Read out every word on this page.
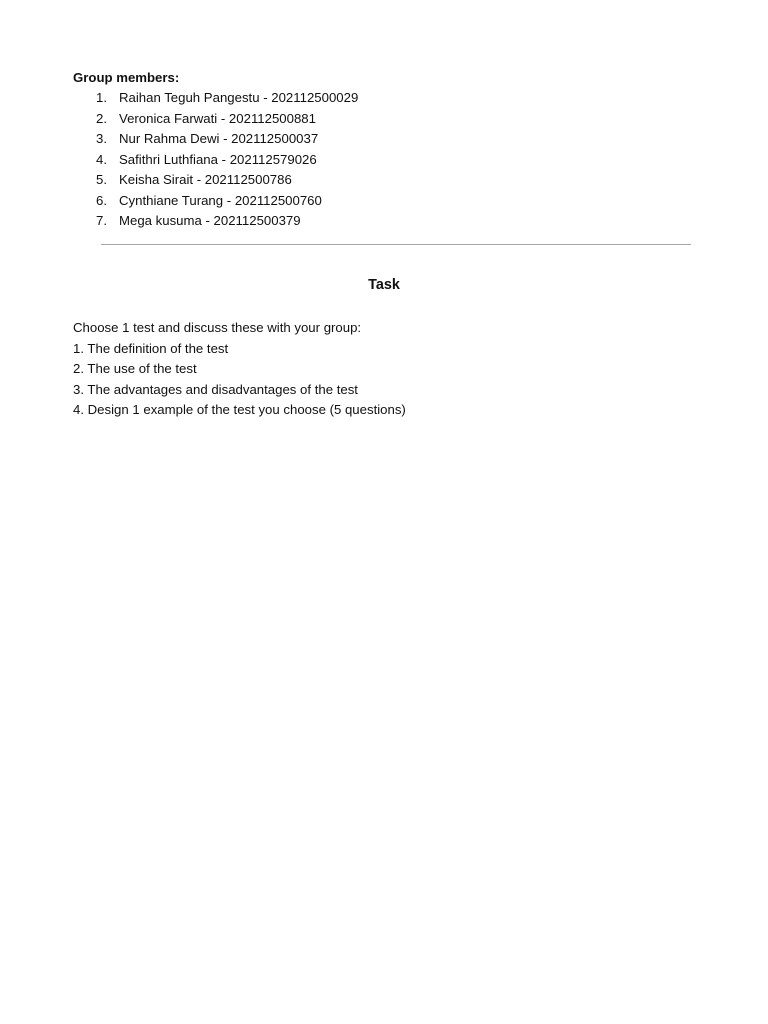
Group members:
1. Raihan Teguh Pangestu - 202112500029
2. Veronica Farwati - 202112500881
3. Nur Rahma Dewi - 202112500037
4. Safithri Luthfiana - 202112579026
5. Keisha Sirait - 202112500786
6. Cynthiane Turang - 202112500760
7. Mega kusuma - 202112500379
Task
Choose 1 test and discuss these with your group:
1. The definition of the test
2. The use of the test
3. The advantages and disadvantages of the test
4. Design 1 example of the test you choose (5 questions)
